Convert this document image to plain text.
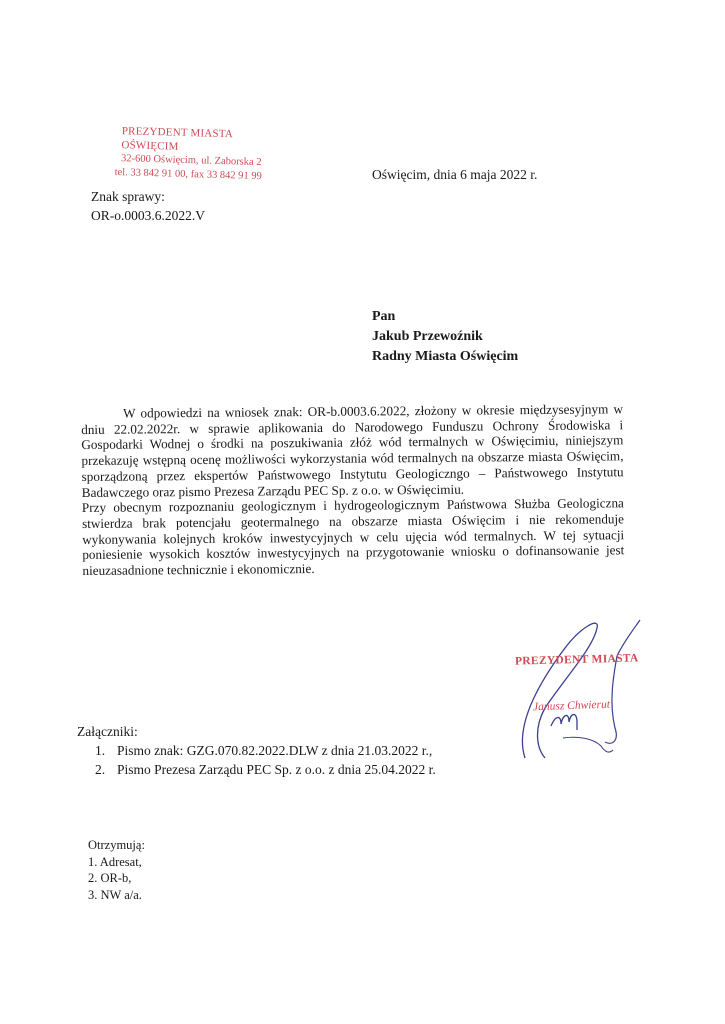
PREZYDENT MIASTA OŚWIĘCIM
32-600 Oświęcim, ul. Zaborska 2
tel. 33 842 91 00, fax 33 842 91 99	Oświęcim, dnia 6 maja 2022 r.
Znak sprawy:
OR-o.0003.6.2022.V
Pan
Jakub Przewoźnik
Radny Miasta Oświęcim

W odpowiedzi na wniosek znak: OR-b.0003.6.2022, złożony w okresie międzysesyjnym w dniu 22.02.2022r. w sprawie aplikowania do Narodowego Funduszu Ochrony Środowiska i Gospodarki Wodnej o środki na poszukiwania złóż wód termalnych w Oświęcimiu, niniejszym przekazuję wstępną ocenę możliwości wykorzystania wód termalnych na obszarze miasta Oświęcim, sporządzoną przez ekspertów Państwowego Instytutu Geologiczngo – Państwowego Instytutu Badawczego oraz pismo Prezesa Zarządu PEC Sp. z o.o. w Oświęcimiu.

Przy obecnym rozpoznaniu geologicznym i hydrogeologicznym Państwowa Służba Geologiczna stwierdza brak potencjału geotermalnego na obszarze miasta Oświęcim i nie rekomenduje wykonywania kolejnych kroków inwestycyjnych w celu ujęcia wód termalnych. W tej sytuacji poniesienie wysokich kosztów inwestycyjnych na przygotowanie wniosku o dofinansowanie jest nieuzasadnione technicznie i ekonomicznie.

PREZYDENT MIASTA
Janusz Chwierut
Załączniki:
1. Pismo znak: GZG.070.82.2022.DLW z dnia 21.03.2022 r.,
2. Pismo Prezesa Zarządu PEC Sp. z o.o. z dnia 25.04.2022 r.
Otrzymują:
1. Adresat,
2. OR-b,
3. NW a/a.
